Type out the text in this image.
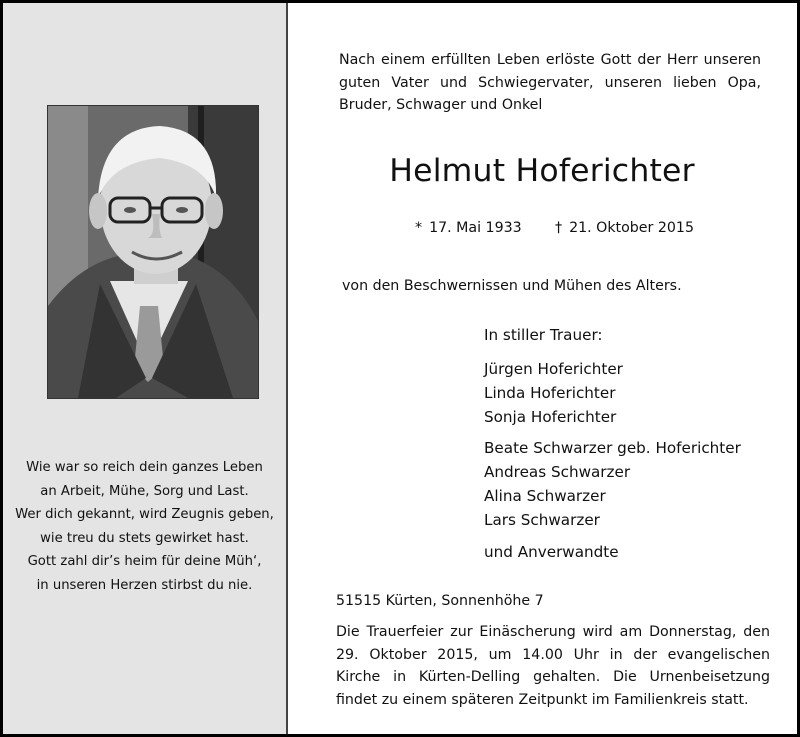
Wie war so reich dein ganzes Leben
an Arbeit, Mühe, Sorg und Last.
Wer dich gekannt, wird Zeugnis geben,
wie treu du stets gewirket hast.
Gott zahl dir’s heim für deine Müh‘,
in unseren Herzen stirbst du nie.
Nach einem erfüllten Leben erlöste Gott der Herr unseren
guten Vater und Schwiegervater, unseren lieben Opa,
Bruder, Schwager und Onkel
Helmut Hoferichter
* 17. Mai 1933 † 21. Oktober 2015
von den Beschwernissen und Mühen des Alters.
In stiller Trauer:
Jürgen Hoferichter
Linda Hoferichter
Sonja Hoferichter
Beate Schwarzer geb. Hoferichter
Andreas Schwarzer
Alina Schwarzer
Lars Schwarzer
und Anverwandte
51515 Kürten, Sonnenhöhe 7
Die Trauerfeier zur Einäscherung wird am Donnerstag, den
29. Oktober 2015, um 14.00 Uhr in der evangelischen
Kirche in Kürten-Delling gehalten. Die Urnenbeisetzung
findet zu einem späteren Zeitpunkt im Familienkreis statt.
